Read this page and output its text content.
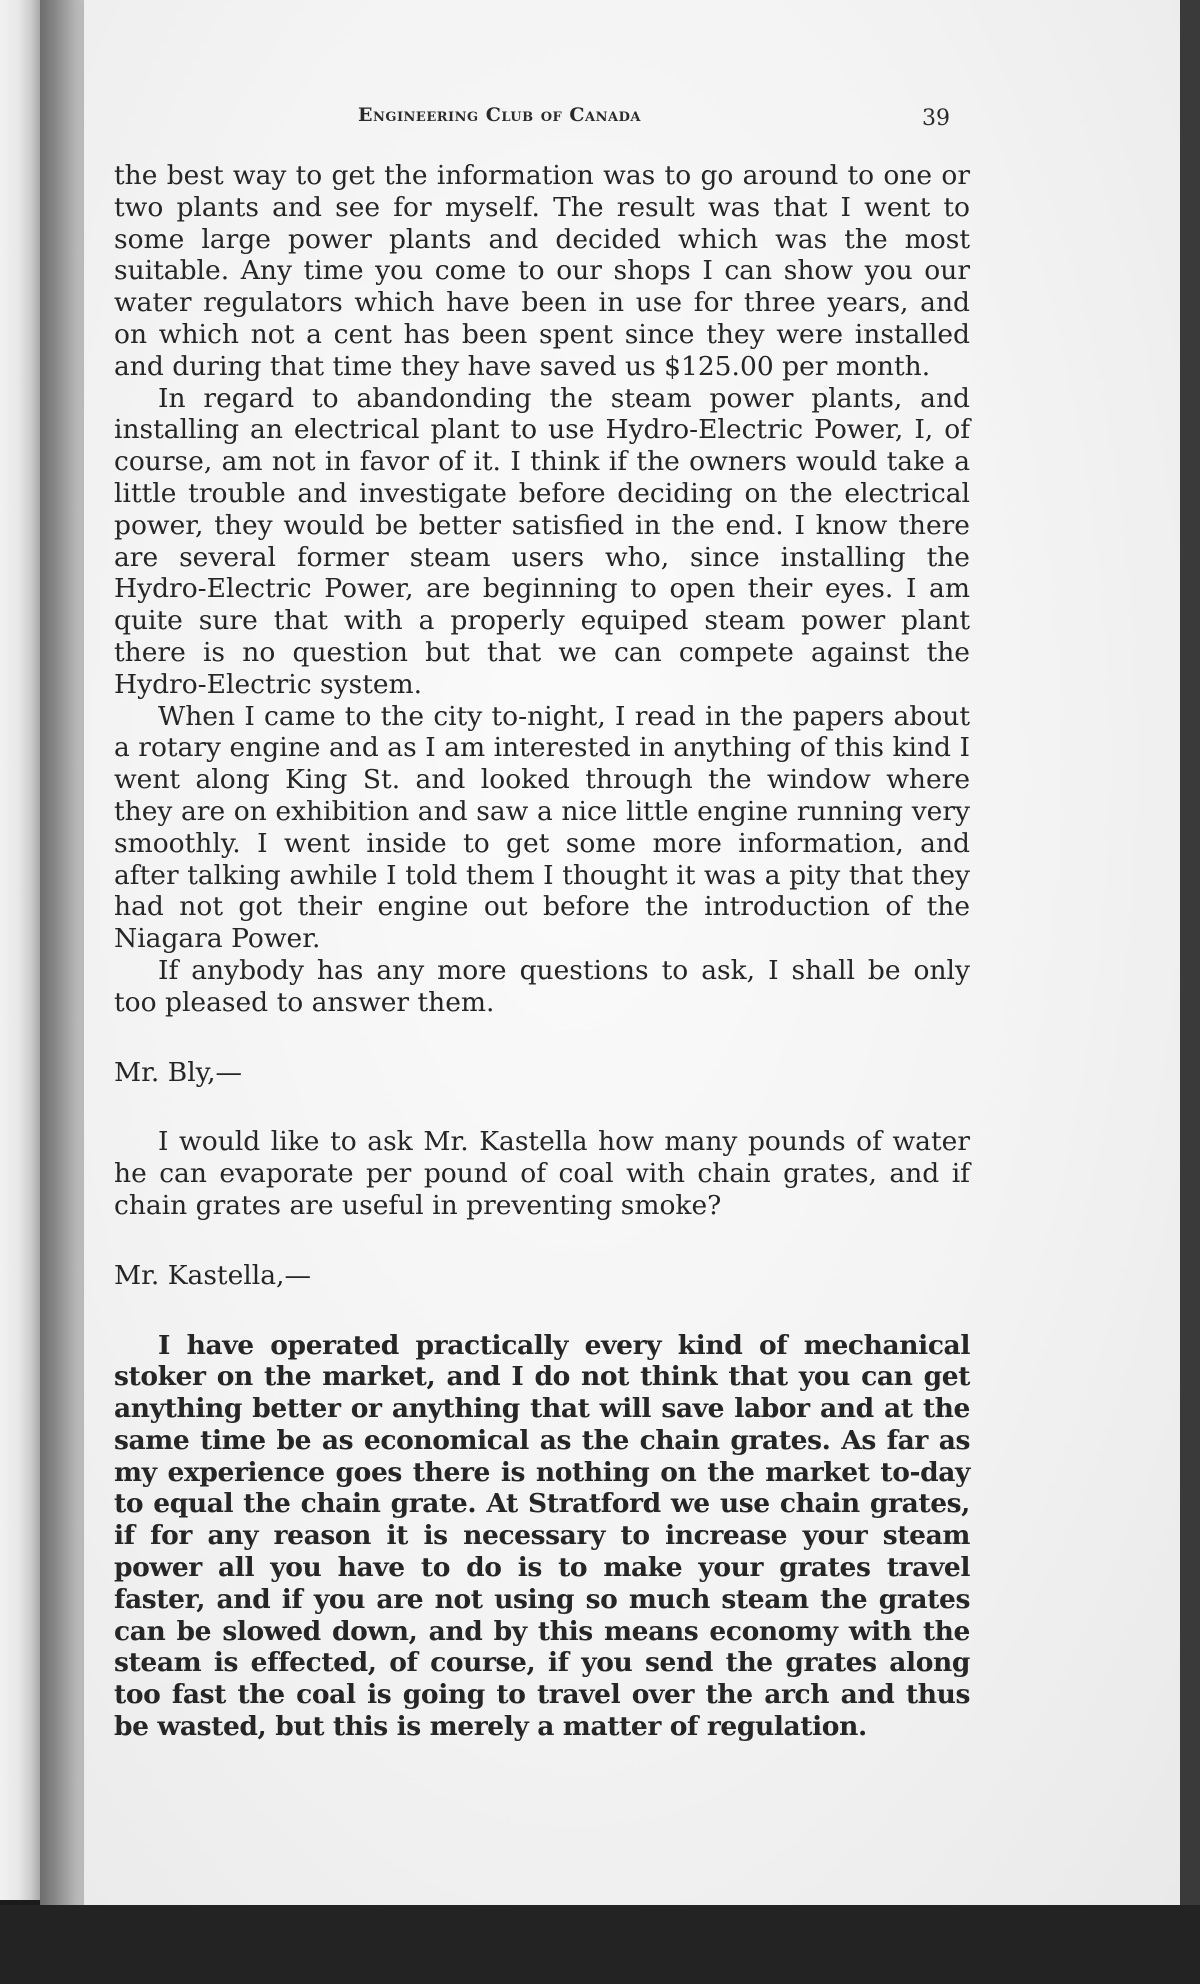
Engineering Club of Canada	39

the best way to get the information was to go around to one or two plants and see for myself. The result was that I went to some large power plants and decided which was the most suitable. Any time you come to our shops I can show you our water regulators which have been in use for three years, and on which not a cent has been spent since they were installed and during that time they have saved us $125.00 per month.

In regard to abandonding the steam power plants, and installing an electrical plant to use Hydro-Electric Power, I, of course, am not in favor of it. I think if the owners would take a little trouble and investigate before deciding on the electrical power, they would be better satisfied in the end. I know there are several former steam users who, since installing the Hydro-Electric Power, are beginning to open their eyes. I am quite sure that with a properly equiped steam power plant there is no question but that we can compete against the Hydro-Electric system.

When I came to the city to-night, I read in the papers about a rotary engine and as I am interested in anything of this kind I went along King St. and looked through the window where they are on exhibition and saw a nice little engine running very smoothly. I went inside to get some more information, and after talking awhile I told them I thought it was a pity that they had not got their engine out before the introduction of the Niagara Power.

If anybody has any more questions to ask, I shall be only too pleased to answer them.

Mr. Bly,—

I would like to ask Mr. Kastella how many pounds of water he can evaporate per pound of coal with chain grates, and if chain grates are useful in preventing smoke?

Mr. Kastella,—

I have operated practically every kind of mechanical stoker on the market, and I do not think that you can get anything better or anything that will save labor and at the same time be as economical as the chain grates. As far as my experience goes there is nothing on the market to-day to equal the chain grate. At Stratford we use chain grates, if for any reason it is necessary to increase your steam power all you have to do is to make your grates travel faster, and if you are not using so much steam the grates can be slowed down, and by this means economy with the steam is effected, of course, if you send the grates along too fast the coal is going to travel over the arch and thus be wasted, but this is merely a matter of regulation.
